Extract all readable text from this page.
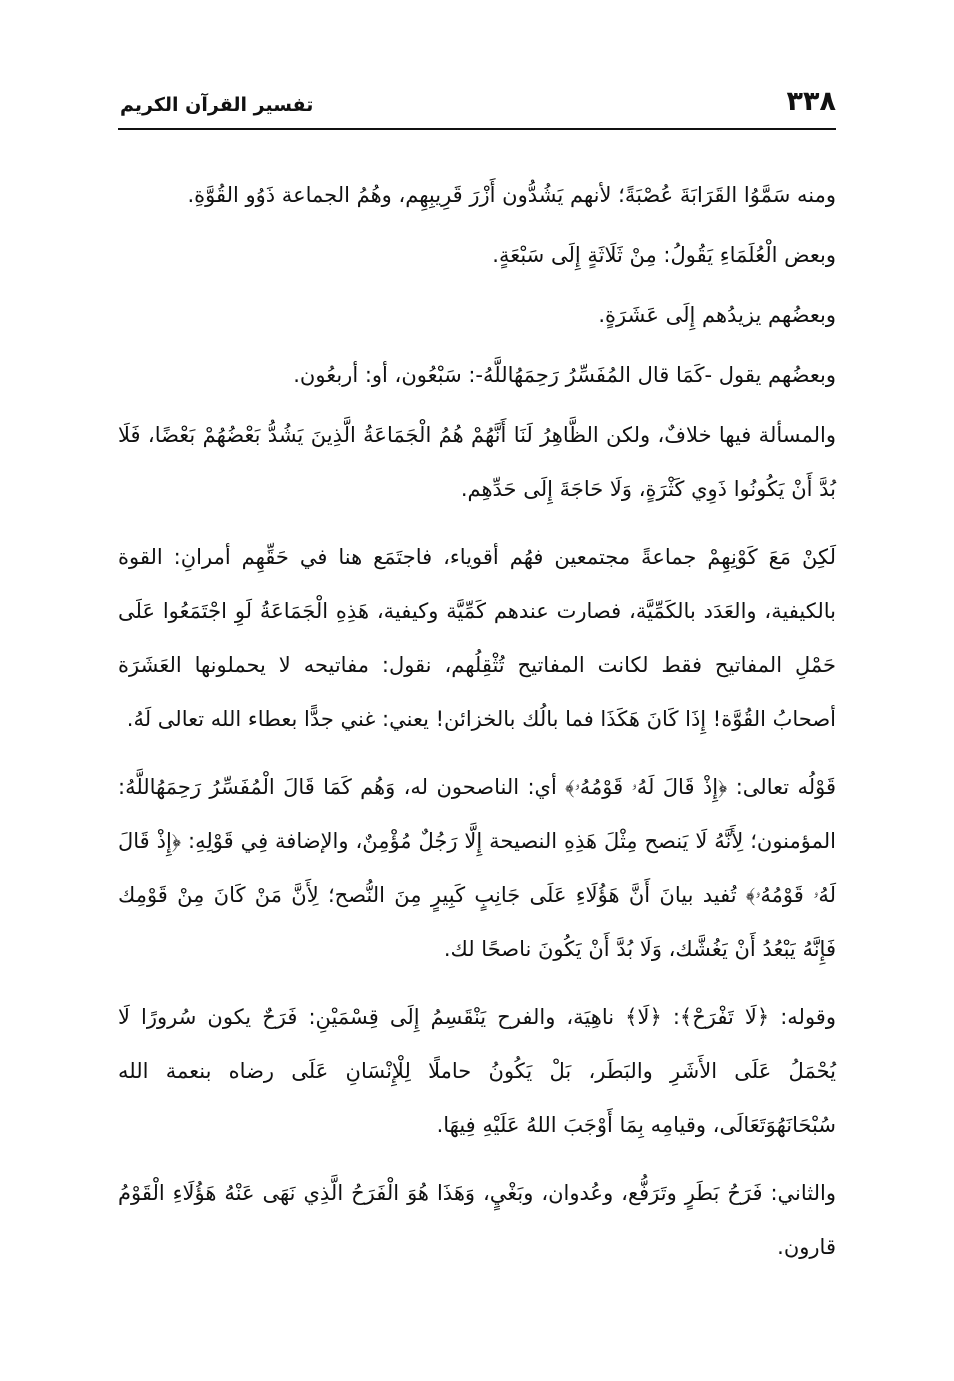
٣٣٨
تفسير القرآن الكريم

ومنه سَمَّوُا القَرَابَةَ عُصْبَةً؛ لأنهم يَشُدُّون أَزْرَ قَرِيبِهِم، وهُمُ الجماعة ذَوُو القُوَّةِ.

وبعض الْعُلَمَاءِ يَقُولُ: مِنْ ثَلَاثَةٍ إِلَى سَبْعَةٍ.

وبعضُهم يزيدُهم إِلَى عَشَرَةٍ.

وبعضُهم يقول -كَمَا قال المُفَسِّرُ رَحِمَهُاللَّهُ-: سَبْعُون، أو: أربعُون.

والمسألة فيها خلافٌ، ولكن الظَّاهِرُ لَنَا أَنَّهُمْ هُمُ الْجَمَاعَةُ الَّذِينَ يَشُدُّ بَعْضُهُمْ بَعْضًا، فَلَا بُدَّ أَنْ يَكُونُوا ذَوِي كَثْرَةٍ، وَلَا حَاجَةَ إِلَى حَدِّهِم.

لَكِنْ مَعَ كَوْنِهِمْ جماعةً مجتمعين فهُم أقوياء، فاجتَمَع هنا في حَقِّهِم أمرانِ: القوة بالكيفية، والعَدَد بالكَمِّيَّة، فصارت عندهم كَمِّيَّة وكيفية، هَذِهِ الْجَمَاعَةُ لَوِ اجْتَمَعُوا عَلَى حَمْلِ المفاتيح فقط لكانت المفاتيح تُثْقِلُهم، نقول: مفاتيحه لا يحملونها العَشَرَة أصحابُ القُوَّة! إِذَا كَانَ هَكَذَا فما بالُك بالخزائن! يعني: غني جدًّا بعطاء الله تعالى لَهُ.

قَوْلُه تعالى: ﴿إِذْ قَالَ لَهُۥ قَوْمُهُۥ﴾ أي: الناصحون له، وَهُم كَمَا قَالَ الْمُفَسِّرُ رَحِمَهُاللَّهُ: المؤمنون؛ لِأَنَّهُ لَا يَنصح مِثْلَ هَذِهِ النصيحة إِلَّا رَجُلٌ مُؤْمِنٌ، والإضافة فِي قَوْلِهِ: ﴿إِذْ قَالَ لَهُۥ قَوْمُهُۥ﴾ تُفيد بيانَ أَنَّ هَؤُلَاءِ عَلَى جَانِبٍ كَبِيرٍ مِنَ النُّصح؛ لِأَنَّ مَنْ كَانَ مِنْ قَوْمِك فَإِنَّهُ يَبْعُدُ أَنْ يَغُشَّك، وَلَا بُدَّ أَنْ يَكُونَ ناصحًا لك.

وقوله: ﴿لَا تَفْرَحْ﴾: ﴿لَا﴾ ناهِيَة، والفرح يَنْقَسِمُ إِلَى قِسْمَيْنِ: فَرَحٌ يكون سُرورًا لَا يُحْمَلُ عَلَى الأَشَرِ والبَطَر، بَلْ يَكُونُ حاملًا لِلْإِنْسَانِ عَلَى رضاه بنعمة الله سُبْحَانَهُوَتَعَالَى، وقيامِه بِمَا أَوْجَبَ اللهُ عَلَيْهِ فِيهَا.

والثاني: فَرَحُ بَطَرٍ وتَرَفُّع، وعُدوان، وبَغْيٍ، وَهَذَا هُوَ الْفَرَحُ الَّذِي نَهَى عَنْهُ هَؤُلَاءِ الْقَوْمُ قارون.
